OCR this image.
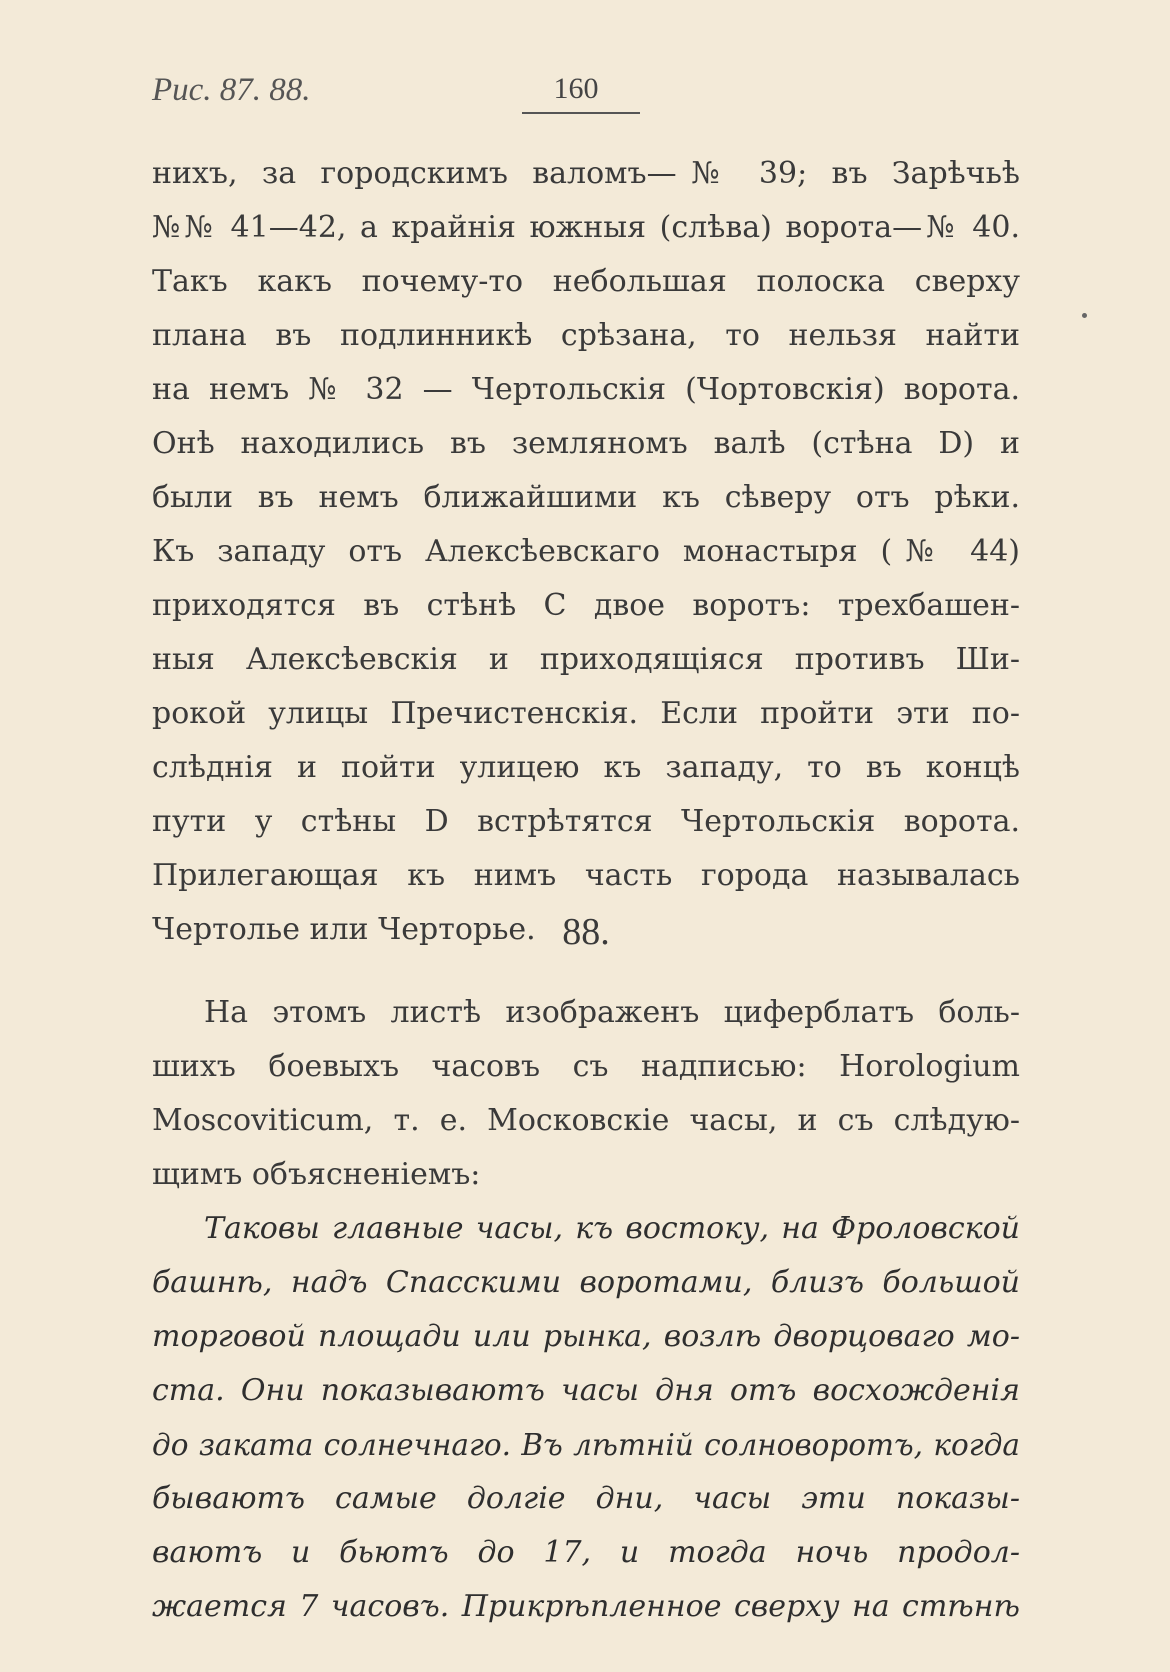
Рис. 87. 88.	160
нихъ, за городскимъ валомъ—№ 39; въ Зарѣчьѣ
№№ 41—42, а крайнія южныя (слѣва) ворота—№ 40.
Такъ какъ почему-то небольшая полоска сверху
плана въ подлинникѣ срѣзана, то нельзя найти
на немъ № 32 — Чертольскія (Чортовскія) ворота.
Онѣ находились въ земляномъ валѣ (стѣна D) и
были въ немъ ближайшими къ сѣверу отъ рѣки.
Къ западу отъ Алексѣевскаго монастыря (№ 44)
приходятся въ стѣнѣ C двое воротъ: трехбашен-
ныя Алексѣевскія и приходящіяся противъ Ши-
рокой улицы Пречистенскія. Если пройти эти по-
слѣднія и пойти улицею къ западу, то въ концѣ
пути у стѣны D встрѣтятся Чертольскія ворота.
Прилегающая къ нимъ часть города называлась
Чертолье или Черторье. 88.
На этомъ листѣ изображенъ циферблатъ боль-
шихъ боевыхъ часовъ съ надписью: Horologium
Moscoviticum, т. е. Московскіе часы, и съ слѣдую-
щимъ объясненіемъ:
Таковы главные часы, къ востоку, на Фроловской
башнѣ, надъ Спасскими воротами, близъ большой
торговой площади или рынка, возлѣ дворцоваго мо-
ста. Они показываютъ часы дня отъ восхожденія
до заката солнечнаго. Въ лѣтній солноворотъ, когда
бываютъ самые долгіе дни, часы эти показы-
ваютъ и бьютъ до 17, и тогда ночь продол-
жается 7 часовъ. Прикрѣпленное сверху на стѣнѣ
